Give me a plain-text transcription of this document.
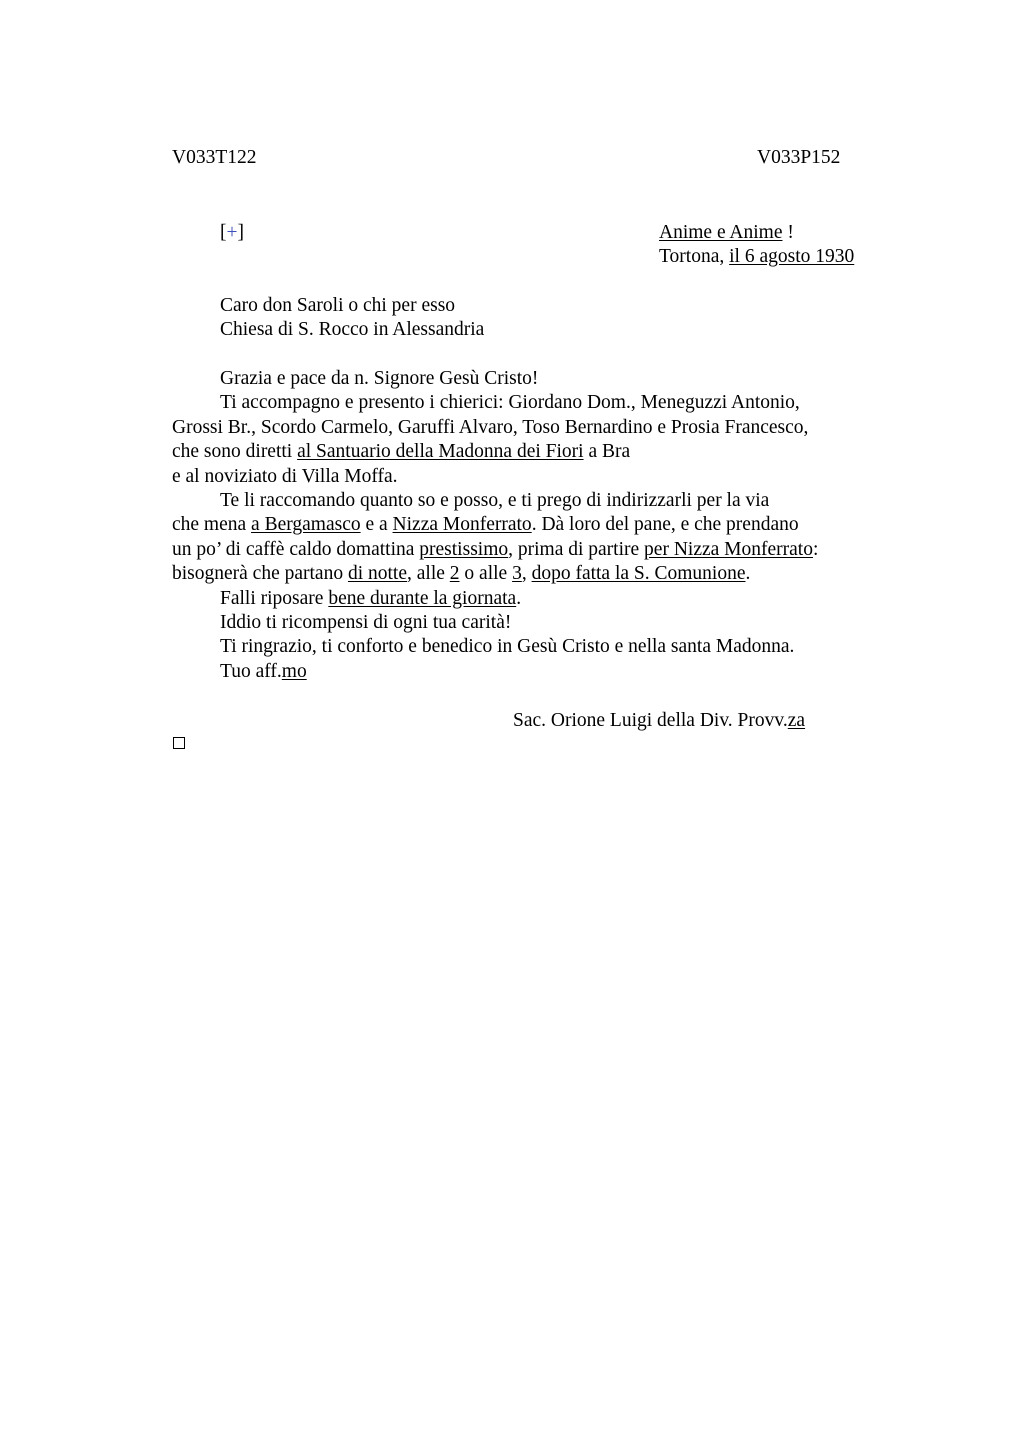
V033T122	V033P152
[+]	Anime e Anime !
Tortona, il 6 agosto 1930
Caro don Saroli o chi per esso
Chiesa di S. Rocco in Alessandria
Grazia e pace da n. Signore Gesù Cristo!
Ti accompagno e presento i chierici: Giordano Dom., Meneguzzi Antonio,
Grossi Br., Scordo Carmelo, Garuffi Alvaro, Toso Bernardino e Prosia Francesco,
che sono diretti al Santuario della Madonna dei Fiori a Bra
e al noviziato di Villa Moffa.
Te li raccomando quanto so e posso, e ti prego di indirizzarli per la via
che mena a Bergamasco e a Nizza Monferrato. Dà loro del pane, e che prendano
un po’ di caffè caldo domattina prestissimo, prima di partire per Nizza Monferrato:
bisognerà che partano di notte, alle 2 o alle 3, dopo fatta la S. Comunione.
Falli riposare bene durante la giornata.
Iddio ti ricompensi di ogni tua carità!
Ti ringrazio, ti conforto e benedico in Gesù Cristo e nella santa Madonna.
Tuo aff.mo
Sac. Orione Luigi della Div. Provv.za
